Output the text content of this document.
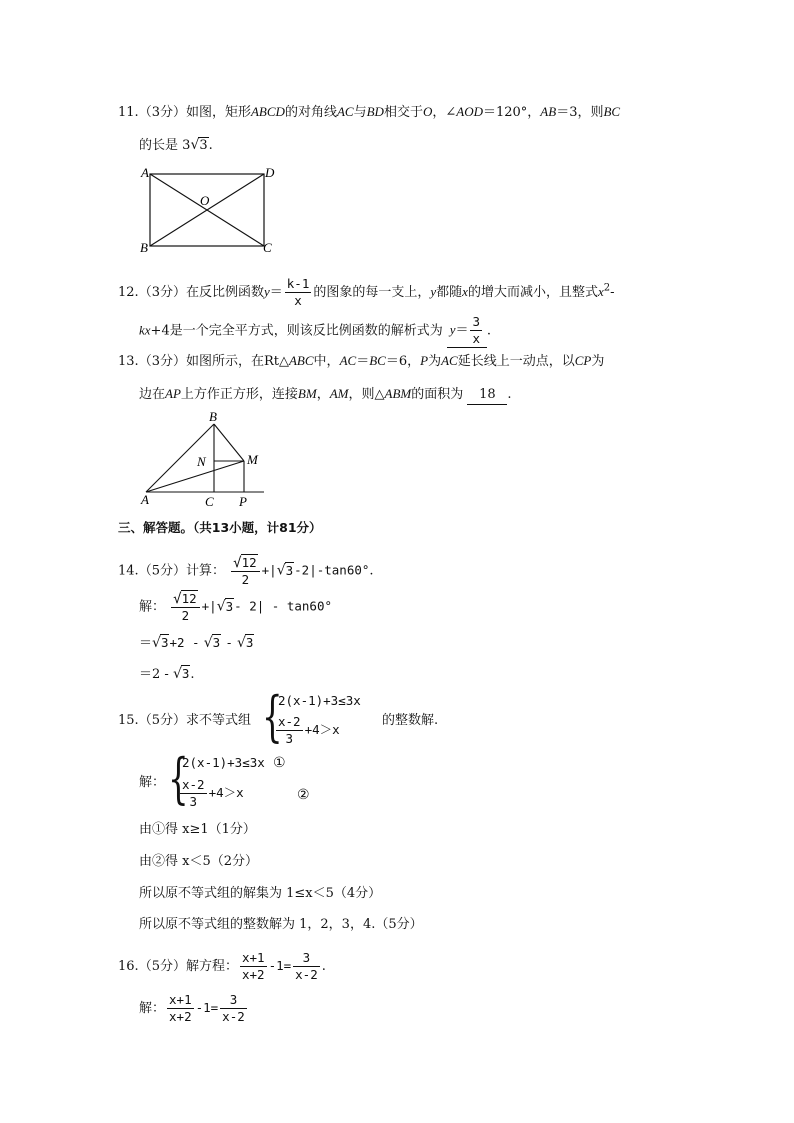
11.（3分）如图，矩形ABCD的对角线AC与BD相交于O，∠AOD＝120°，AB＝3，则BC
的长是 3√3.
A	D
O
B	C
12.（3分）在反比例函数$y= \frac{k-1}{x}$ 的图象的每一支上，y都随x的增大而减小，且整式$x^2-$
kx+4是一个完全平方式，则该反比例函数的解析式为 $y= \frac{3}{x}$ .
13.（3分）如图所示，在Rt△ABC中，AC＝BC＝6，P为AC延长线上一动点，以CP为
边在AP上方作正方形，连接BM，AM，则△ABM的面积为 18 .
B
N	M
A	C P
三、解答题。（共13小题，计81分）
14.（5分）计算： $\frac{√12}{2} +|√3-2|-\tan 60^\circ$.
解： $\frac{√12}{2} +|√3-$ 2| - tan60°
＝√3+2 - √3 - √3
＝2 - √3.
15.（5分）求不等式组 {
2(x-1)+3≤3x
$\frac{x-2}{3} +4>x$
的整数解.
解： {
2(x-1)+3≤3x ①
$\frac{x-2}{3} +4>x$	②
由①得 x≥1（1分）
由②得 x＜5（2分）
所以原不等式组的解集为 1≤x＜5（4分）
所以原不等式组的整数解为 1，2，3，4.（5分）
16.（5分）解方程： $\frac{x+1}{x+2} -1= \frac{3}{x-2}$ .
解： $\frac{x+1}{x+2} -1= \frac{3}{x-2}$
